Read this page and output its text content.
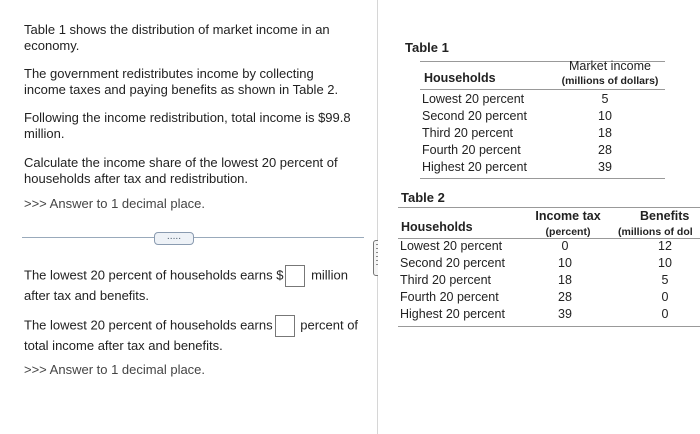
Table 1 shows the distribution of market income in an economy.
The government redistributes income by collecting income taxes and paying benefits as shown in Table 2.
Following the income redistribution, total income is $99.8 million.
Calculate the income share of the lowest 20 percent of households after tax and redistribution.
>>> Answer to 1 decimal place.
.....
The lowest 20 percent of households earns $ million
after tax and benefits.
The lowest 20 percent of households earns percent of
total income after tax and benefits.
>>> Answer to 1 decimal place.
Table 1
Households
Market income
(millions of dollars)
Lowest 20 percent	5
Second 20 percent	10
Third 20 percent	18
Fourth 20 percent	28
Highest 20 percent	39
Table 2
Households
Income tax
(percent)
Benefits
(millions of dol
Lowest 20 percent	0	12
Second 20 percent	10	10
Third 20 percent	18	5
Fourth 20 percent	28	0
Highest 20 percent	39	0
